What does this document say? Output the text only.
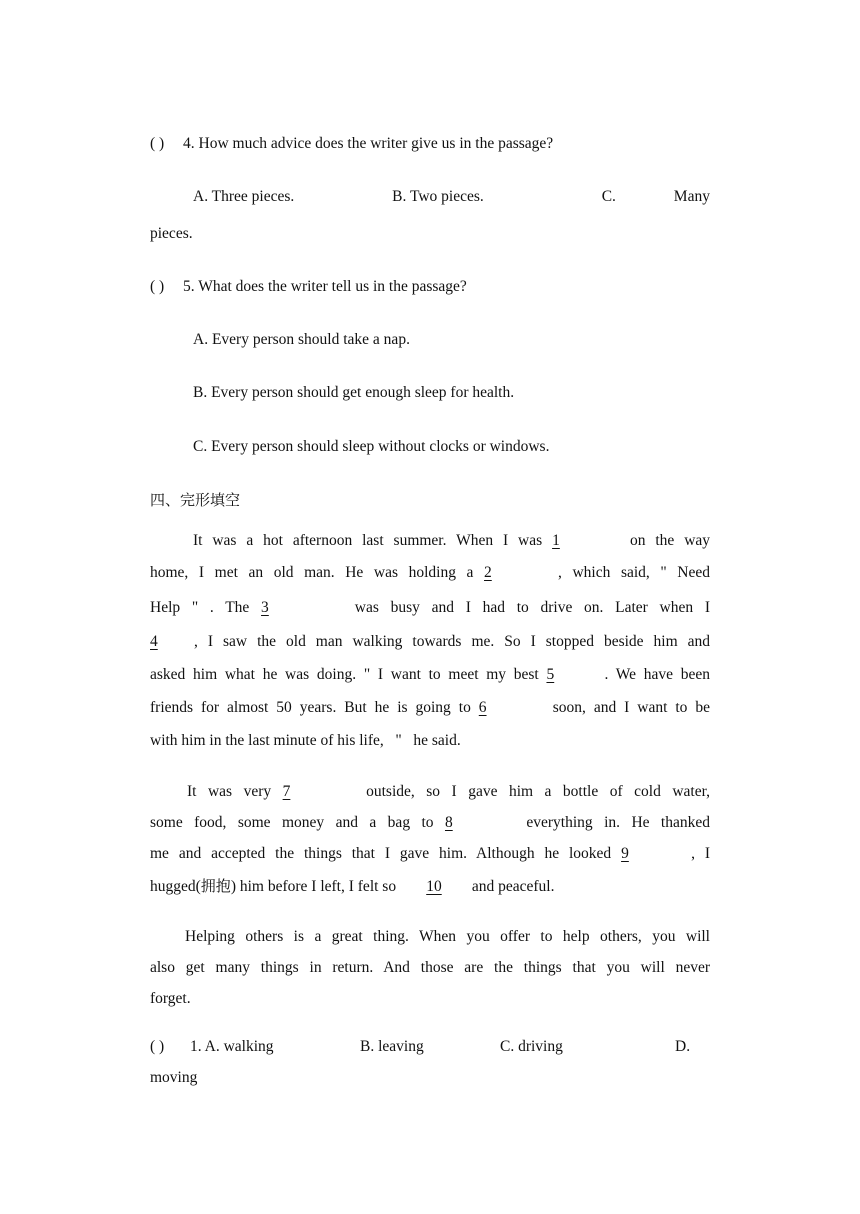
( ) 4. How much advice does the writer give us in the passage?
A. Three pieces.	B. Two pieces.	C.	Many
pieces.
( ) 5. What does the writer tell us in the passage?
A. Every person should take a nap.
B. Every person should get enough sleep for health.
C. Every person should sleep without clocks or windows.
四、完形填空
It was a hot afternoon last summer. When I was 1	on the way
home, I met an old man. He was holding a 2	, which said, " Need
Help " . The 3	was busy and I had to drive on. Later when I
4 , I saw the old man walking towards me. So I stopped beside him and
asked him what he was doing. " I want to meet my best 5	. We have been
friends for almost 50 years. But he is going to 6	soon, and I want to be
with him in the last minute of his life, " he said.
It was very 7	outside, so I gave him a bottle of cold water,
some food, some money and a bag to 8	everything in. He thanked
me and accepted the things that I gave him. Although he looked 9	, I
hugged(拥抱) him before I left, I felt so 10 and peaceful.
Helping others is a great thing. When you offer to help others, you will
also get many things in return. And those are the things that you will never
forget.
( ) 1. A. walking	B. leaving	C. driving	D.
moving
